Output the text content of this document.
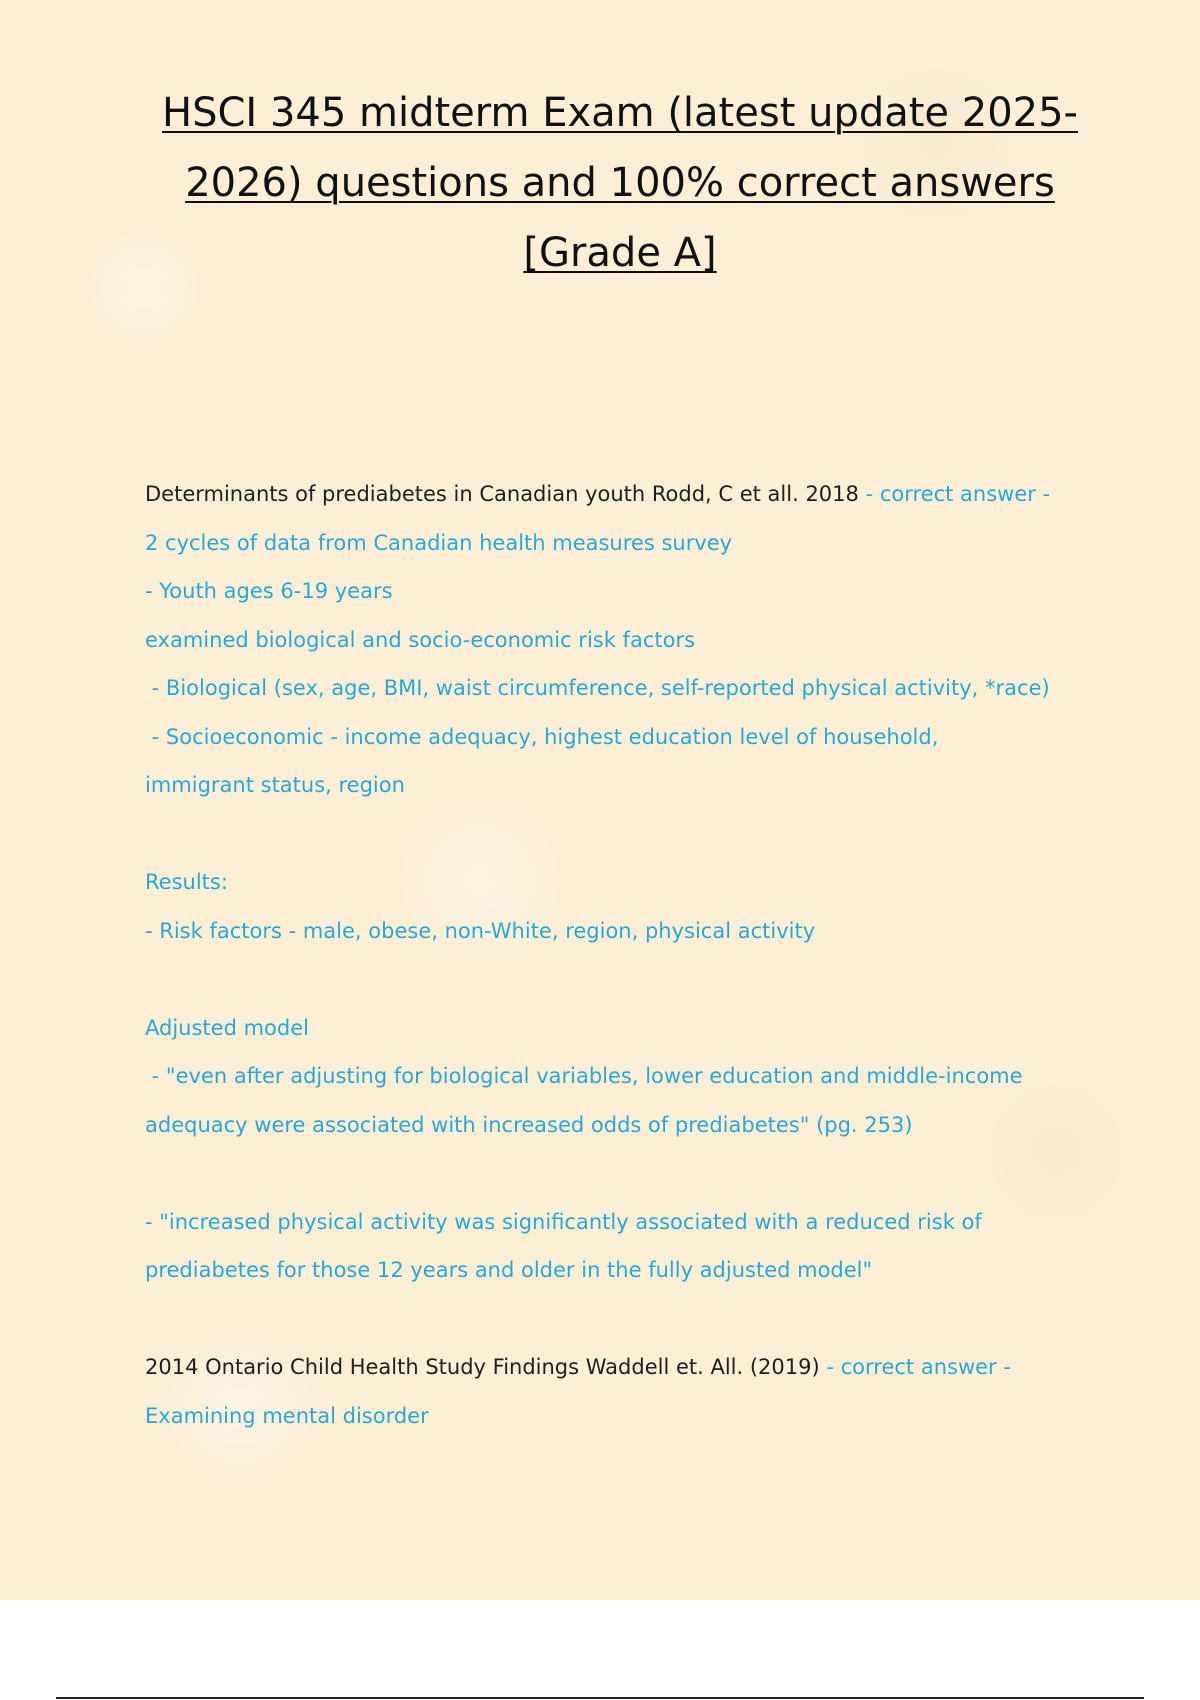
HSCI 345 midterm Exam (latest update 2025-2026) questions and 100% correct answers [Grade A]
Determinants of prediabetes in Canadian youth Rodd, C et all. 2018 - correct answer -
2 cycles of data from Canadian health measures survey
- Youth ages 6-19 years
examined biological and socio-economic risk factors
- Biological (sex, age, BMI, waist circumference, self-reported physical activity, *race)
- Socioeconomic - income adequacy, highest education level of household,
immigrant status, region
Results:
- Risk factors - male, obese, non-White, region, physical activity
Adjusted model
- "even after adjusting for biological variables, lower education and middle-income
adequacy were associated with increased odds of prediabetes" (pg. 253)
- "increased physical activity was significantly associated with a reduced risk of
prediabetes for those 12 years and older in the fully adjusted model"
2014 Ontario Child Health Study Findings Waddell et. All. (2019) - correct answer -
Examining mental disorder
